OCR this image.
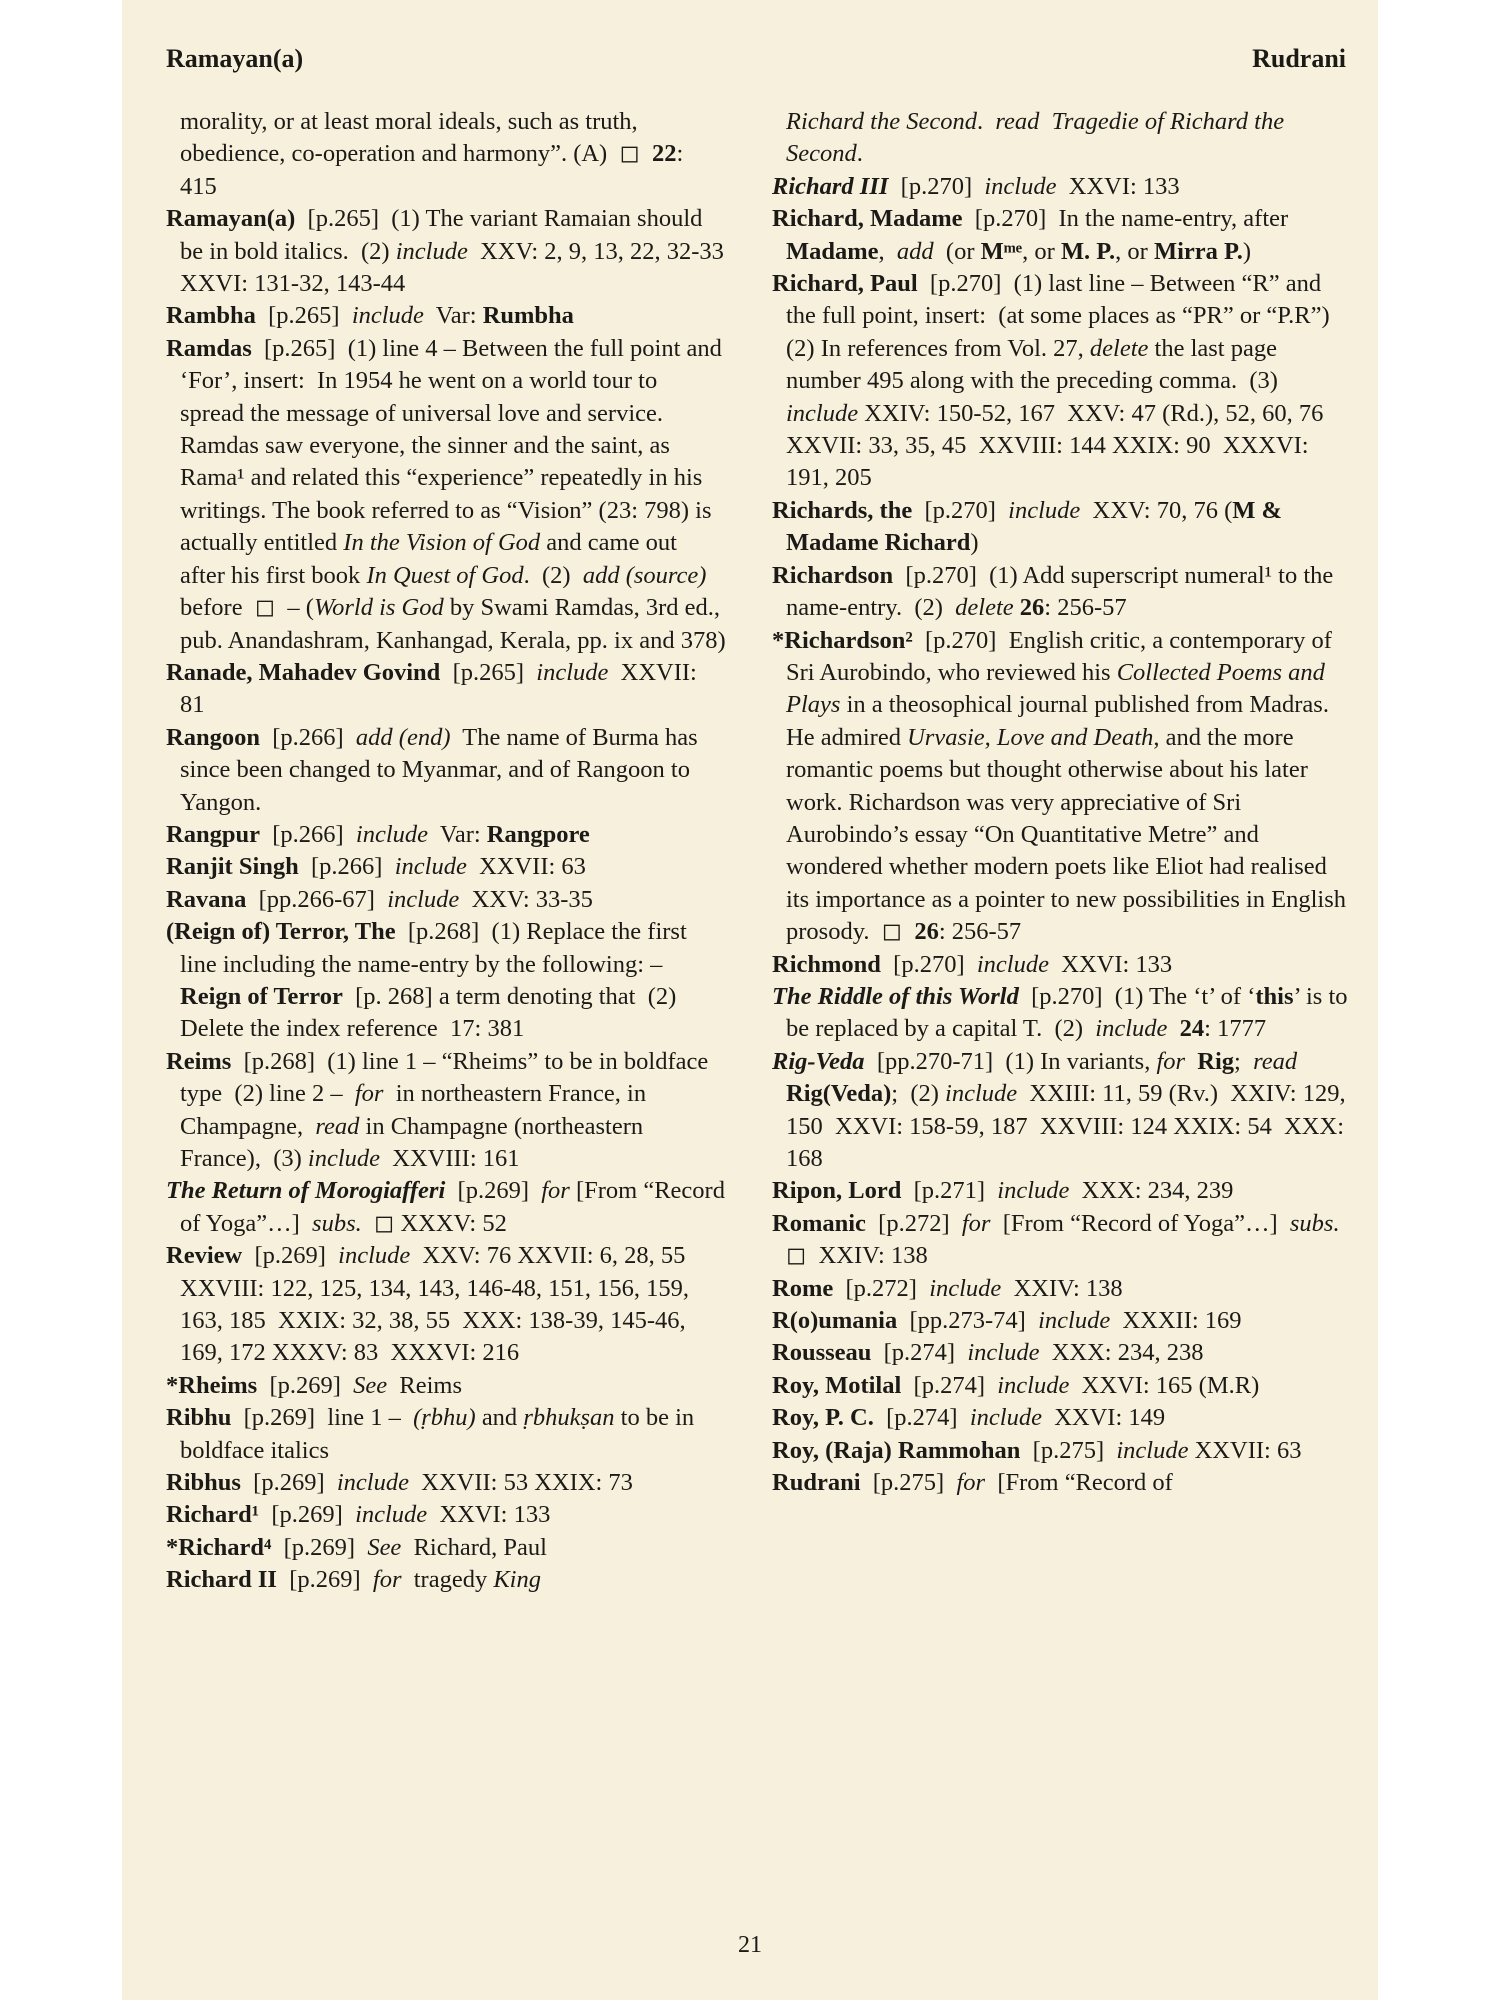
Ramayan(a)	Rudrani

morality, or at least moral ideals, such as truth, obedience, co-operation and harmony”. (A)  ◻  22: 415

Ramayan(a)  [p.265]  (1) The variant Ramaian should be in bold italics.  (2) include  XXV: 2, 9, 13, 22, 32-33  XXVI: 131-32, 143-44

Rambha  [p.265]  include  Var: Rumbha

Ramdas  [p.265]  (1) line 4 – Between the full point and ‘For’, insert:  In 1954 he went on a world tour to spread the message of universal love and service. Ramdas saw everyone, the sinner and the saint, as Rama¹ and related this “experience” repeatedly in his writings. The book referred to as “Vision” (23: 798) is actually entitled In the Vision of God and came out after his first book In Quest of God.  (2)  add (source) before  ◻  – (World is God by Swami Ramdas, 3rd ed., pub. Anandashram, Kanhangad, Kerala, pp. ix and 378)

Ranade, Mahadev Govind  [p.265]  include  XXVII: 81

Rangoon  [p.266]  add (end)  The name of Burma has since been changed to Myanmar, and of Rangoon to Yangon.

Rangpur  [p.266]  include  Var: Rangpore

Ranjit Singh  [p.266]  include  XXVII: 63

Ravana  [pp.266-67]  include  XXV: 33-35

(Reign of) Terror, The  [p.268]  (1) Replace the first line including the name-entry by the following: – Reign of Terror  [p. 268] a term denoting that  (2)  Delete the index reference  17: 381

Reims  [p.268]  (1) line 1 – “Rheims” to be in boldface type  (2) line 2 –  for  in northeastern France, in Champagne,  read in Champagne (northeastern France),  (3) include  XXVIII: 161

The Return of Morogiafferi  [p.269]  for [From “Record of Yoga”…]  subs.  ◻ XXXV: 52

Review  [p.269]  include  XXV: 76 XXVII: 6, 28, 55  XXVIII: 122, 125, 134, 143, 146-48, 151, 156, 159, 163, 185  XXIX: 32, 38, 55  XXX: 138-39, 145-46, 169, 172 XXXV: 83  XXXVI: 216

*Rheims  [p.269]  See  Reims

Ribhu  [p.269]  line 1 –  (ṛbhu) and ṛbhukṣan to be in boldface italics

Ribhus  [p.269]  include  XXVII: 53 XXIX: 73

Richard¹  [p.269]  include  XXVI: 133

*Richard⁴  [p.269]  See  Richard, Paul

Richard II  [p.269]  for  tragedy King

Richard the Second.  read Tragedie of Richard the Second.

Richard III  [p.270]  include  XXVI: 133

Richard, Madame  [p.270]  In the name-entry, after Madame,  add  (or Mᵐᵉ, or M. P., or Mirra P.)

Richard, Paul  [p.270]  (1) last line – Between “R” and the full point, insert:  (at some places as “PR” or “P.R”)  (2) In references from Vol. 27, delete the last page number 495 along with the preceding comma.  (3)  include XXIV: 150-52, 167  XXV: 47 (Rd.), 52, 60, 76  XXVII: 33, 35, 45  XXVIII: 144 XXIX: 90  XXXVI: 191, 205

Richards, the  [p.270]  include  XXV: 70, 76 (M & Madame Richard)

Richardson  [p.270]  (1) Add superscript numeral¹ to the name-entry.  (2)  delete 26: 256-57

*Richardson²  [p.270]  English critic, a contemporary of Sri Aurobindo, who reviewed his Collected Poems and Plays in a theosophical journal published from Madras. He admired Urvasie, Love and Death, and the more romantic poems but thought otherwise about his later work. Richardson was very appreciative of Sri Aurobindo’s essay “On Quantitative Metre” and wondered whether modern poets like Eliot had realised its importance as a pointer to new possibilities in English prosody.  ◻  26: 256-57

Richmond  [p.270]  include  XXVI: 133

The Riddle of this World  [p.270]  (1) The ‘t’ of ‘this’ is to be replaced by a capital T.  (2)  include 24: 1777

Rig-Veda  [pp.270-71]  (1) In variants, for Rig;  read  Rig(Veda);  (2) include  XXIII: 11, 59 (Rv.)  XXIV: 129, 150  XXVI: 158-59, 187  XXVIII: 124 XXIX: 54  XXX: 168

Ripon, Lord  [p.271]  include  XXX: 234, 239

Romanic  [p.272]  for  [From “Record of Yoga”…]  subs.  ◻  XXIV: 138

Rome  [p.272]  include  XXIV: 138

R(o)umania  [pp.273-74]  include  XXXII: 169

Rousseau  [p.274]  include  XXX: 234, 238

Roy, Motilal  [p.274]  include  XXVI: 165 (M.R)

Roy, P. C.  [p.274]  include  XXVI: 149

Roy, (Raja) Rammohan  [p.275]  include XXVII: 63

Rudrani  [p.275]  for  [From “Record of

21
